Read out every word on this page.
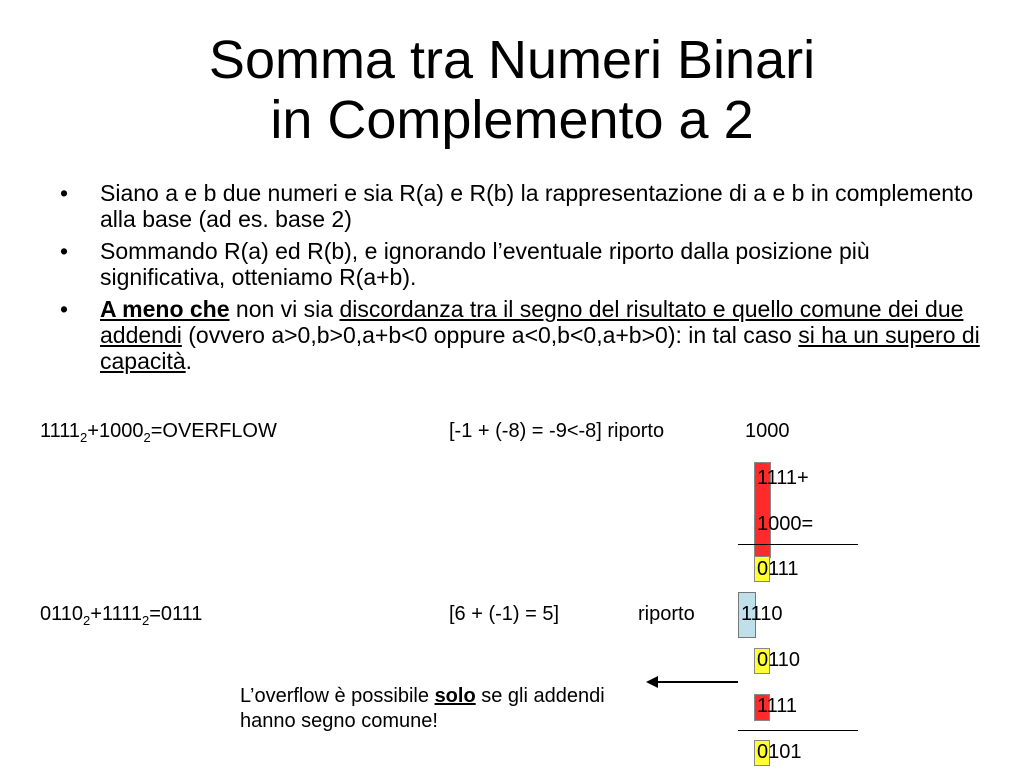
Somma tra Numeri Binari
in Complemento a 2
• Siano a e b due numeri e sia R(a) e R(b) la rappresentazione di a e b in complemento alla base (ad es. base 2)
• Sommando R(a) ed R(b), e ignorando l’eventuale riporto dalla posizione più significativa, otteniamo R(a+b).
• A meno che non vi sia discordanza tra il segno del risultato e quello comune dei due addendi (ovvero a>0,b>0,a+b<0 oppure a<0,b<0,a+b>0): in tal caso si ha un supero di capacità.
$1111_2+1000_2=OVERFLOW$	[-1 + (-8) = -9<-8] riporto	1000
1111+
1000=
0111
$0110_2+1111_2=0111$	[6 + (-1) = 5]	riporto 1110
0110
1111
0101
L’overflow è possibile solo se gli addendi hanno segno comune!
